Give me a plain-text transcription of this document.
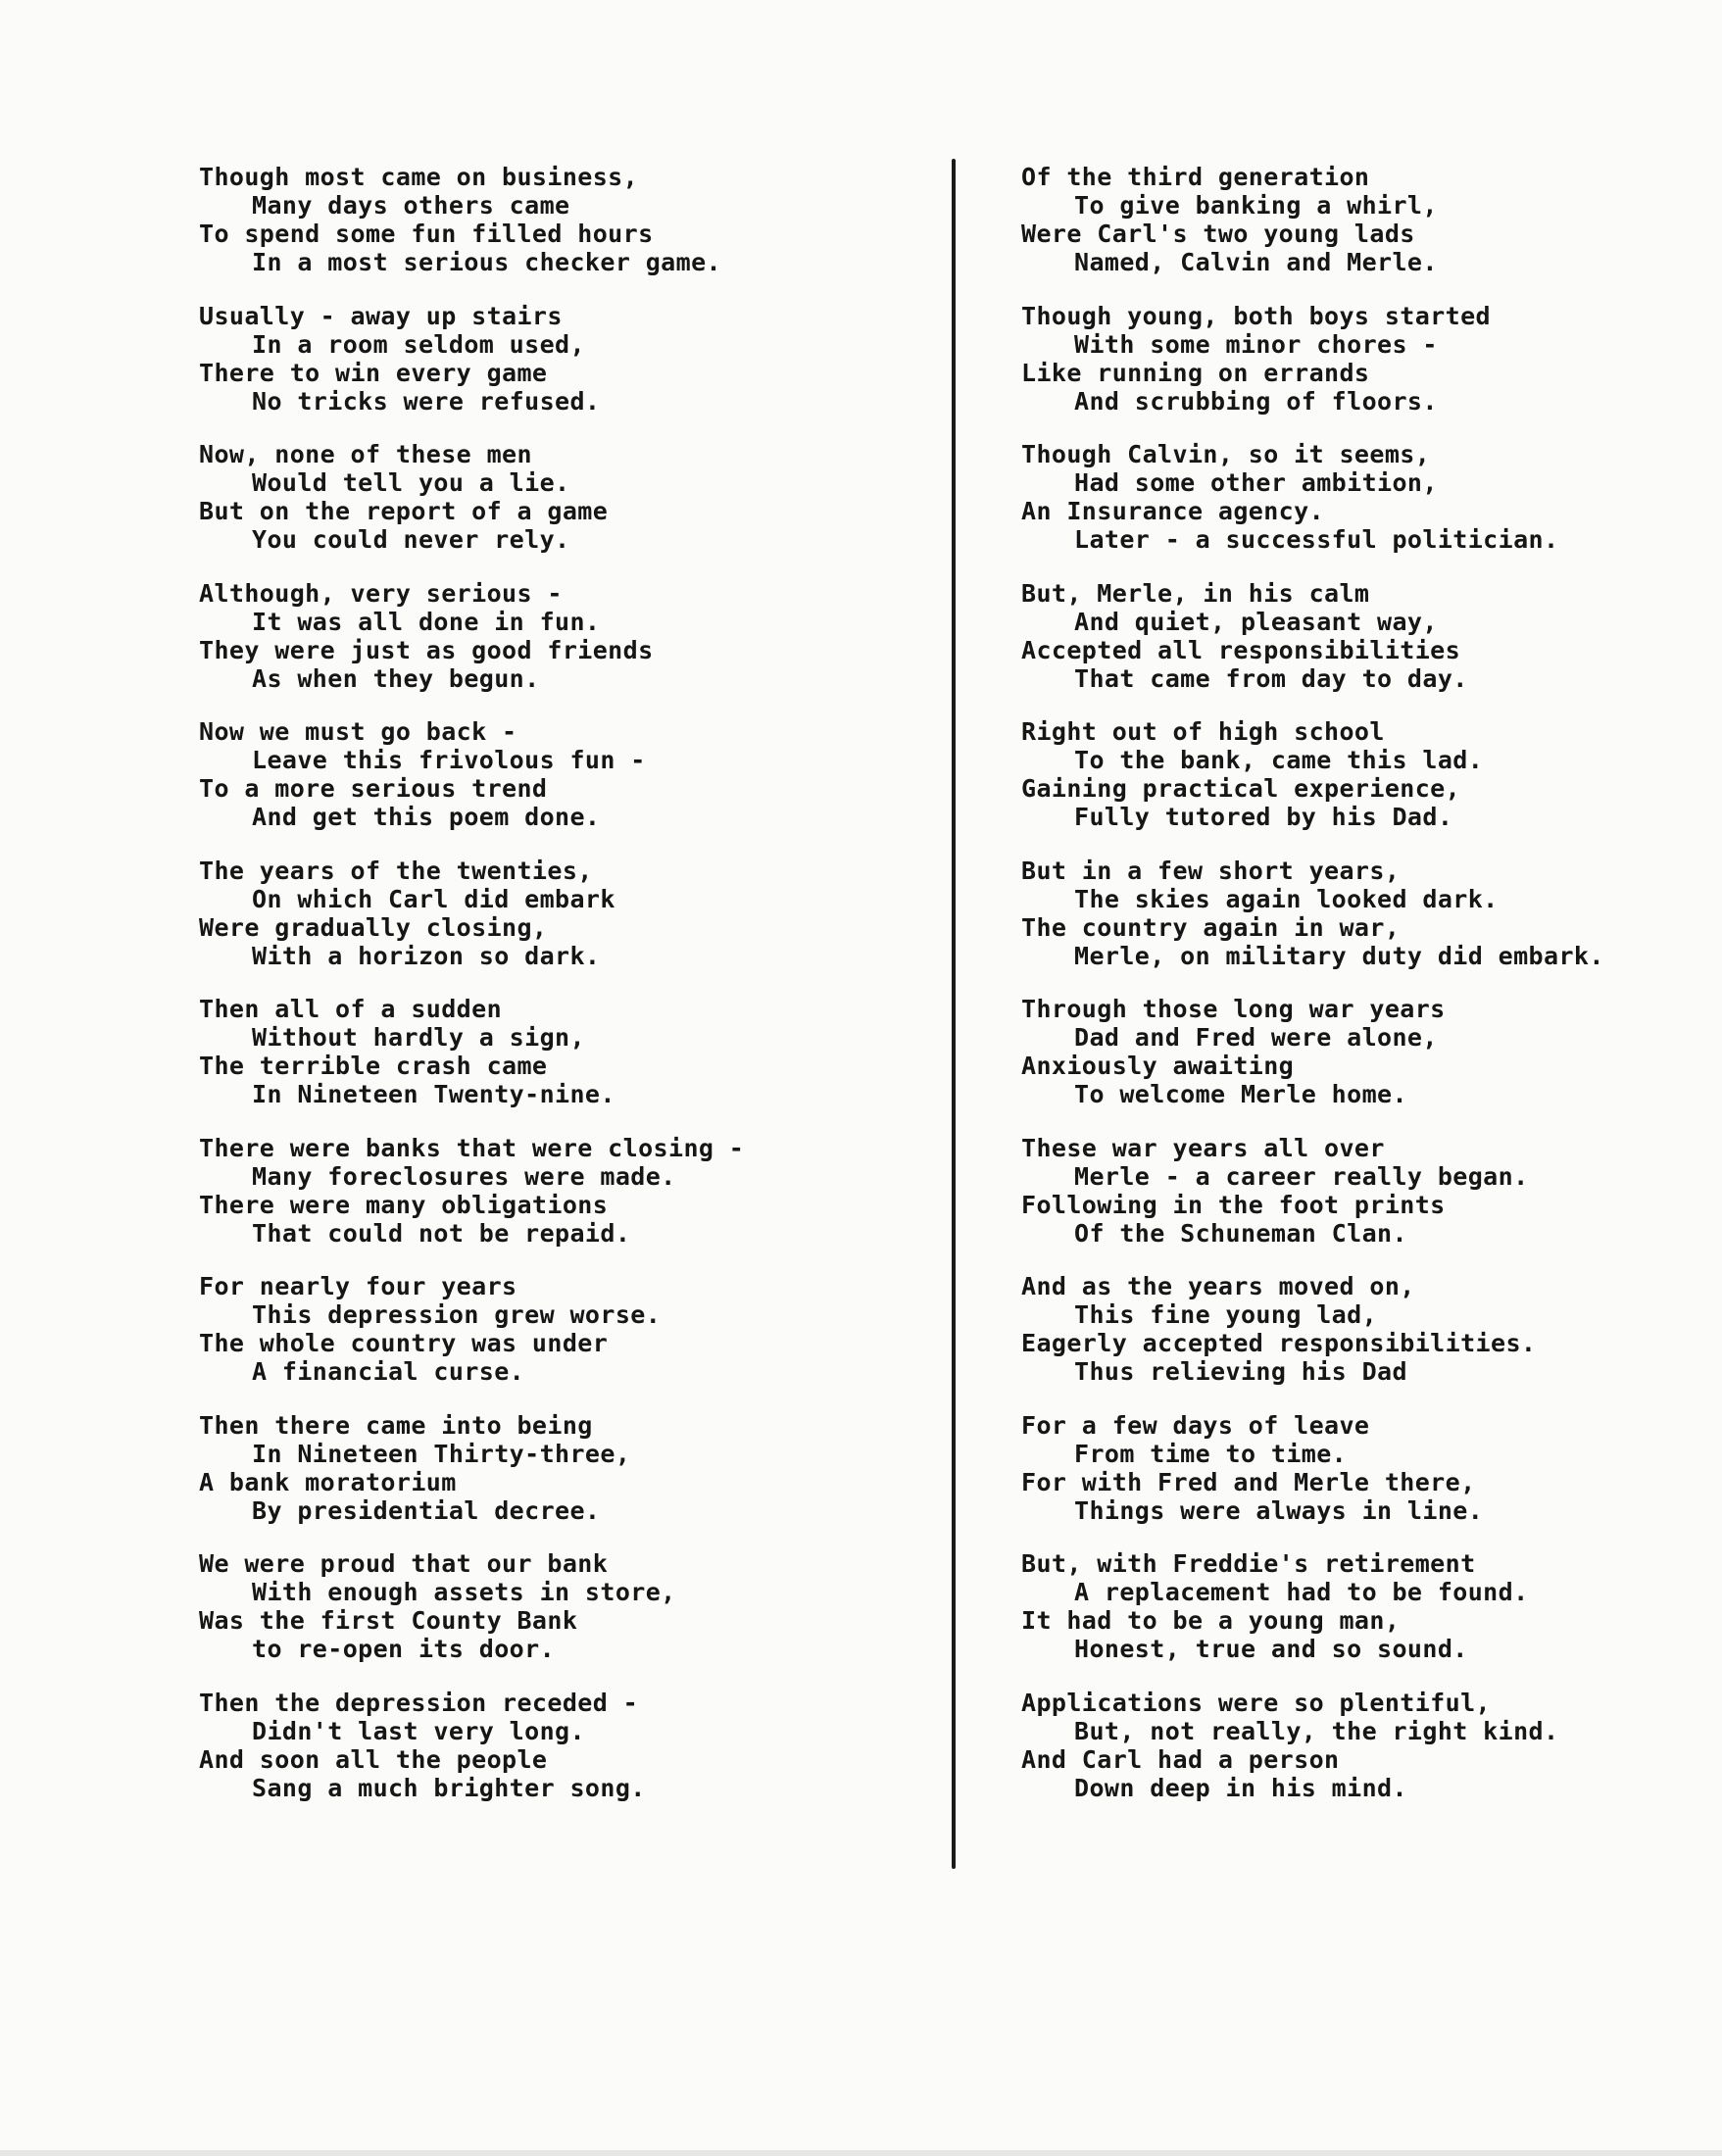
Though most came on business,
Many days others came
To spend some fun filled hours
In a most serious checker game.
Usually - away up stairs
In a room seldom used,
There to win every game
No tricks were refused.
Now, none of these men
Would tell you a lie.
But on the report of a game
You could never rely.
Although, very serious -
It was all done in fun.
They were just as good friends
As when they begun.
Now we must go back -
Leave this frivolous fun -
To a more serious trend
And get this poem done.
The years of the twenties,
On which Carl did embark
Were gradually closing,
With a horizon so dark.
Then all of a sudden
Without hardly a sign,
The terrible crash came
In Nineteen Twenty-nine.
There were banks that were closing -
Many foreclosures were made.
There were many obligations
That could not be repaid.
For nearly four years
This depression grew worse.
The whole country was under
A financial curse.
Then there came into being
In Nineteen Thirty-three,
A bank moratorium
By presidential decree.
We were proud that our bank
With enough assets in store,
Was the first County Bank
to re-open its door.
Then the depression receded -
Didn't last very long.
And soon all the people
Sang a much brighter song.
Of the third generation
To give banking a whirl,
Were Carl's two young lads
Named, Calvin and Merle.
Though young, both boys started
With some minor chores -
Like running on errands
And scrubbing of floors.
Though Calvin, so it seems,
Had some other ambition,
An Insurance agency.
Later - a successful politician.
But, Merle, in his calm
And quiet, pleasant way,
Accepted all responsibilities
That came from day to day.
Right out of high school
To the bank, came this lad.
Gaining practical experience,
Fully tutored by his Dad.
But in a few short years,
The skies again looked dark.
The country again in war,
Merle, on military duty did embark.
Through those long war years
Dad and Fred were alone,
Anxiously awaiting
To welcome Merle home.
These war years all over
Merle - a career really began.
Following in the foot prints
Of the Schuneman Clan.
And as the years moved on,
This fine young lad,
Eagerly accepted responsibilities.
Thus relieving his Dad
For a few days of leave
From time to time.
For with Fred and Merle there,
Things were always in line.
But, with Freddie's retirement
A replacement had to be found.
It had to be a young man,
Honest, true and so sound.
Applications were so plentiful,
But, not really, the right kind.
And Carl had a person
Down deep in his mind.
